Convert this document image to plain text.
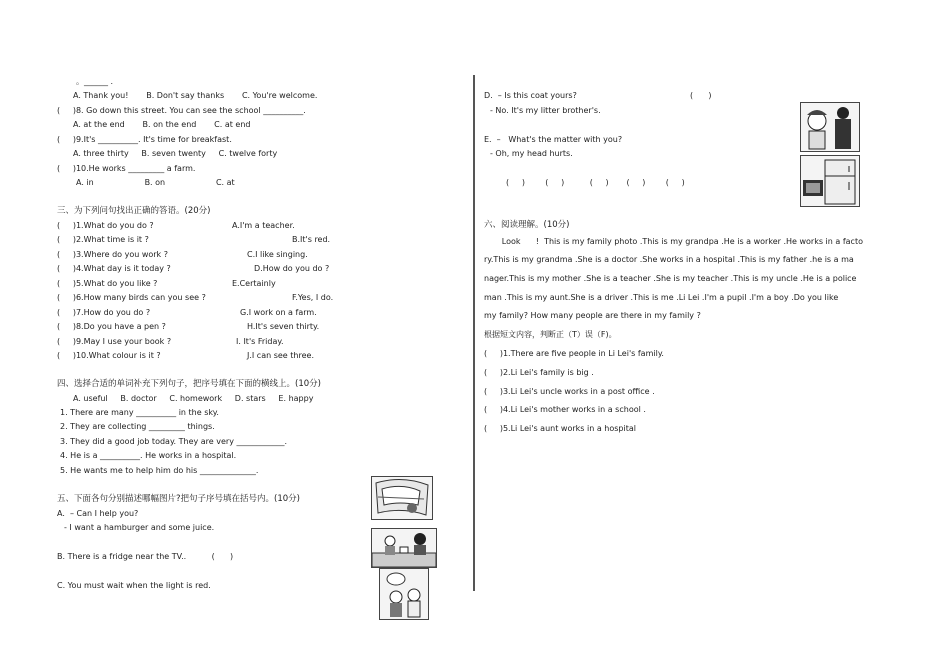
。______ .
A. Thank you!       B. Don't say thanks       C. You're welcome.
(     )8. Go down this street. You can see the school __________.
A. at the end       B. on the end       C. at end
(     )9.It's __________. It's time for breakfast.
A. three thirty     B. seven twenty     C. twelve forty
(     )10.He works _________ a farm.
A. in                    B. on                    C. at
三、为下列问句找出正确的答语。(20分)
(     )1.What do you do ?
(     )2.What time is it ?
(     )3.Where do you work ?
(     )4.What day is it today ?
(     )5.What do you like ?
(     )6.How many birds can you see ?
(     )7.How do you do ?
(     )8.Do you have a pen ?
(     )9.May I use your book ?
(     )10.What colour is it ?
A.I'm a teacher.
B.It's red.
C.I like singing.
D.How do you do ?
E.Certainly
F.Yes, I do.
G.I work on a farm.
H.It's seven thirty.
I. It's Friday.
J.I can see three.
四、选择合适的单词补充下列句子，把序号填在下面的横线上。(10分)
A. useful     B. doctor     C. homework     D. stars     E. happy
1. There are many __________ in the sky.
2. They are collecting _________ things.
3. They did a good job today. They are very ____________.
4. He is a __________. He works in a hospital.
5. He wants me to help him do his ______________.
五、下面各句分别描述哪幅图片?把句子序号填在括号内。(10分)
A.  – Can I help you?
- I want a hamburger and some juice.
B. There is a fridge near the TV..          (      )
C. You must wait when the light is red.
D.  – Is this coat yours?	(      )
- No. It's my litter brother's.
E.  –   What's the matter with you?
- Oh, my head hurts.
(     )        (     )          (     )       (     )        (     )
六、阅读理解。(10分)
Look      !  This is my family photo .This is my grandpa .He is a worker .He works in a facto
ry.This is my grandma .She is a doctor .She works in a hospital .This is my father .he is a ma
nager.This is my mother .She is a teacher .She is my teacher .This is my uncle .He is a police
man .This is my aunt.She is a driver .This is me .Li Lei .I'm a pupil .I'm a boy .Do you like
my family? How many people are there in my family ?
根据短文内容，判断正（T）误（F)。
(     )1.There are five people in Li Lei's family.
(     )2.Li Lei's family is big .
(     )3.Li Lei's uncle works in a post office .
(     )4.Li Lei's mother works in a school .
(     )5.Li Lei's aunt works in a hospital
